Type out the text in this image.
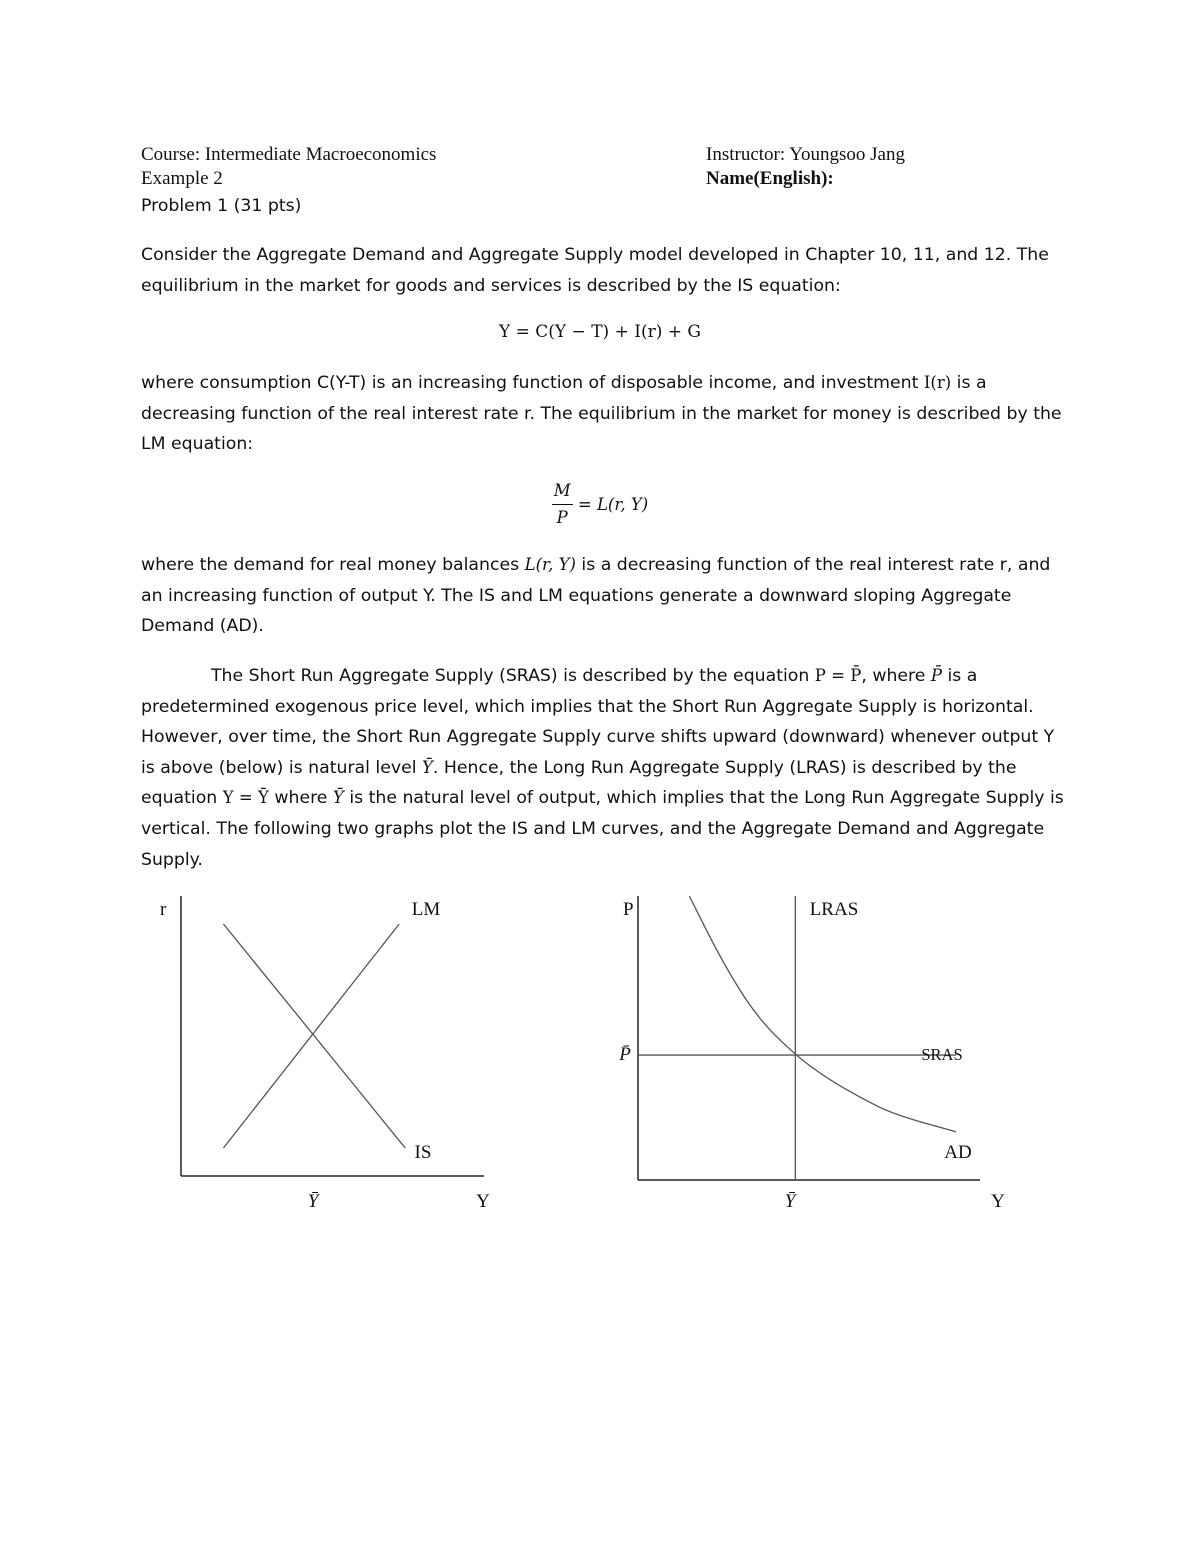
Course: Intermediate Macroeconomics	Instructor: Youngsoo Jang
Example 2	Name(English):
Problem 1 (31 pts)
Consider the Aggregate Demand and Aggregate Supply model developed in Chapter 10, 11, and 12. The equilibrium in the market for goods and services is described by the IS equation:
Y = C(Y − T) + I(r) + G
where consumption C(Y-T) is an increasing function of disposable income, and investment I(r) is a decreasing function of the real interest rate r. The equilibrium in the market for money is described by the LM equation:
$\frac{M}{P} = L(r$, Y)
where the demand for real money balances L(r, Y) is a decreasing function of the real interest rate r, and an increasing function of output Y. The IS and LM equations generate a downward sloping Aggregate Demand (AD).
The Short Run Aggregate Supply (SRAS) is described by the equation P = P̄, where P̄ is a predetermined exogenous price level, which implies that the Short Run Aggregate Supply is horizontal. However, over time, the Short Run Aggregate Supply curve shifts upward (downward) whenever output Y is above (below) is natural level Ȳ. Hence, the Long Run Aggregate Supply (LRAS) is described by the equation Y = Ȳ where Ȳ is the natural level of output, which implies that the Long Run Aggregate Supply is vertical. The following two graphs plot the IS and LM curves, and the Aggregate Demand and Aggregate Supply.
r
Y
Ȳ
LM
IS
P
Y
Ȳ
LRAS
SRAS
AD
P̄
